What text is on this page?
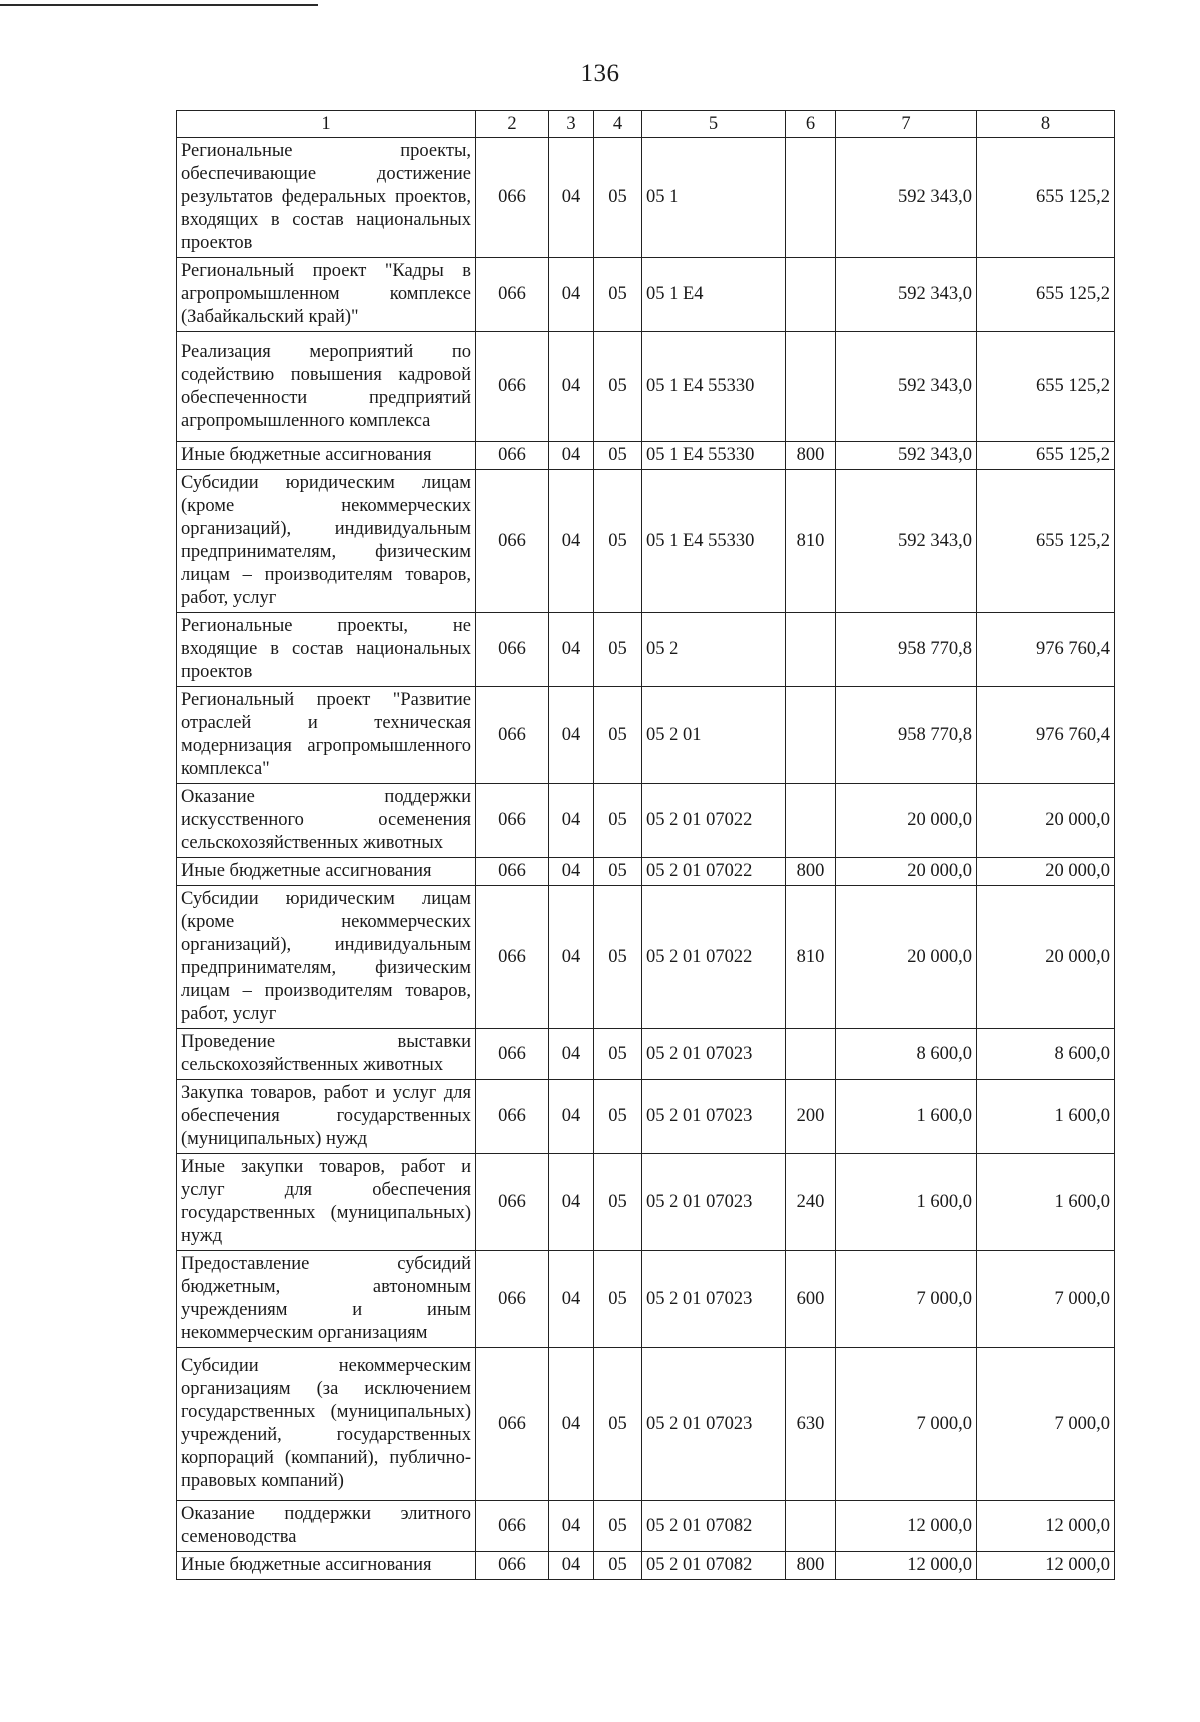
136
1	2	3	4	5	6	7	8
Региональные проекты, обеспечивающие достижение результатов федеральных проектов, входящих в состав национальных проектов	066	04	05	05 1		592 343,0	655 125,2
Региональный проект "Кадры в агропромышленном комплексе (Забайкальский край)"	066	04	05	05 1 E4		592 343,0	655 125,2
Реализация мероприятий по содействию повышения кадровой обеспеченности предприятий агропромышленного комплекса	066	04	05	05 1 E4 55330		592 343,0	655 125,2
Иные бюджетные ассигнования	066	04	05	05 1 E4 55330	800	592 343,0	655 125,2
Субсидии юридическим лицам (кроме некоммерческих организаций), индивидуальным предпринимателям, физическим лицам – производителям товаров, работ, услуг	066	04	05	05 1 E4 55330	810	592 343,0	655 125,2
Региональные проекты, не входящие в состав национальных проектов	066	04	05	05 2		958 770,8	976 760,4
Региональный проект "Развитие отраслей и техническая модернизация агропромышленного комплекса"	066	04	05	05 2 01		958 770,8	976 760,4
Оказание поддержки искусственного осеменения сельскохозяйственных животных	066	04	05	05 2 01 07022		20 000,0	20 000,0
Иные бюджетные ассигнования	066	04	05	05 2 01 07022	800	20 000,0	20 000,0
Субсидии юридическим лицам (кроме некоммерческих организаций), индивидуальным предпринимателям, физическим лицам – производителям товаров, работ, услуг	066	04	05	05 2 01 07022	810	20 000,0	20 000,0
Проведение выставки сельскохозяйственных животных	066	04	05	05 2 01 07023		8 600,0	8 600,0
Закупка товаров, работ и услуг для обеспечения государственных (муниципальных) нужд	066	04	05	05 2 01 07023	200	1 600,0	1 600,0
Иные закупки товаров, работ и услуг для обеспечения государственных (муниципальных) нужд	066	04	05	05 2 01 07023	240	1 600,0	1 600,0
Предоставление субсидий бюджетным, автономным учреждениям и иным некоммерческим организациям	066	04	05	05 2 01 07023	600	7 000,0	7 000,0
Субсидии некоммерческим организациям (за исключением государственных (муниципальных) учреждений, государственных корпораций (компаний), публично-правовых компаний)	066	04	05	05 2 01 07023	630	7 000,0	7 000,0
Оказание поддержки элитного семеноводства	066	04	05	05 2 01 07082		12 000,0	12 000,0
Иные бюджетные ассигнования	066	04	05	05 2 01 07082	800	12 000,0	12 000,0
